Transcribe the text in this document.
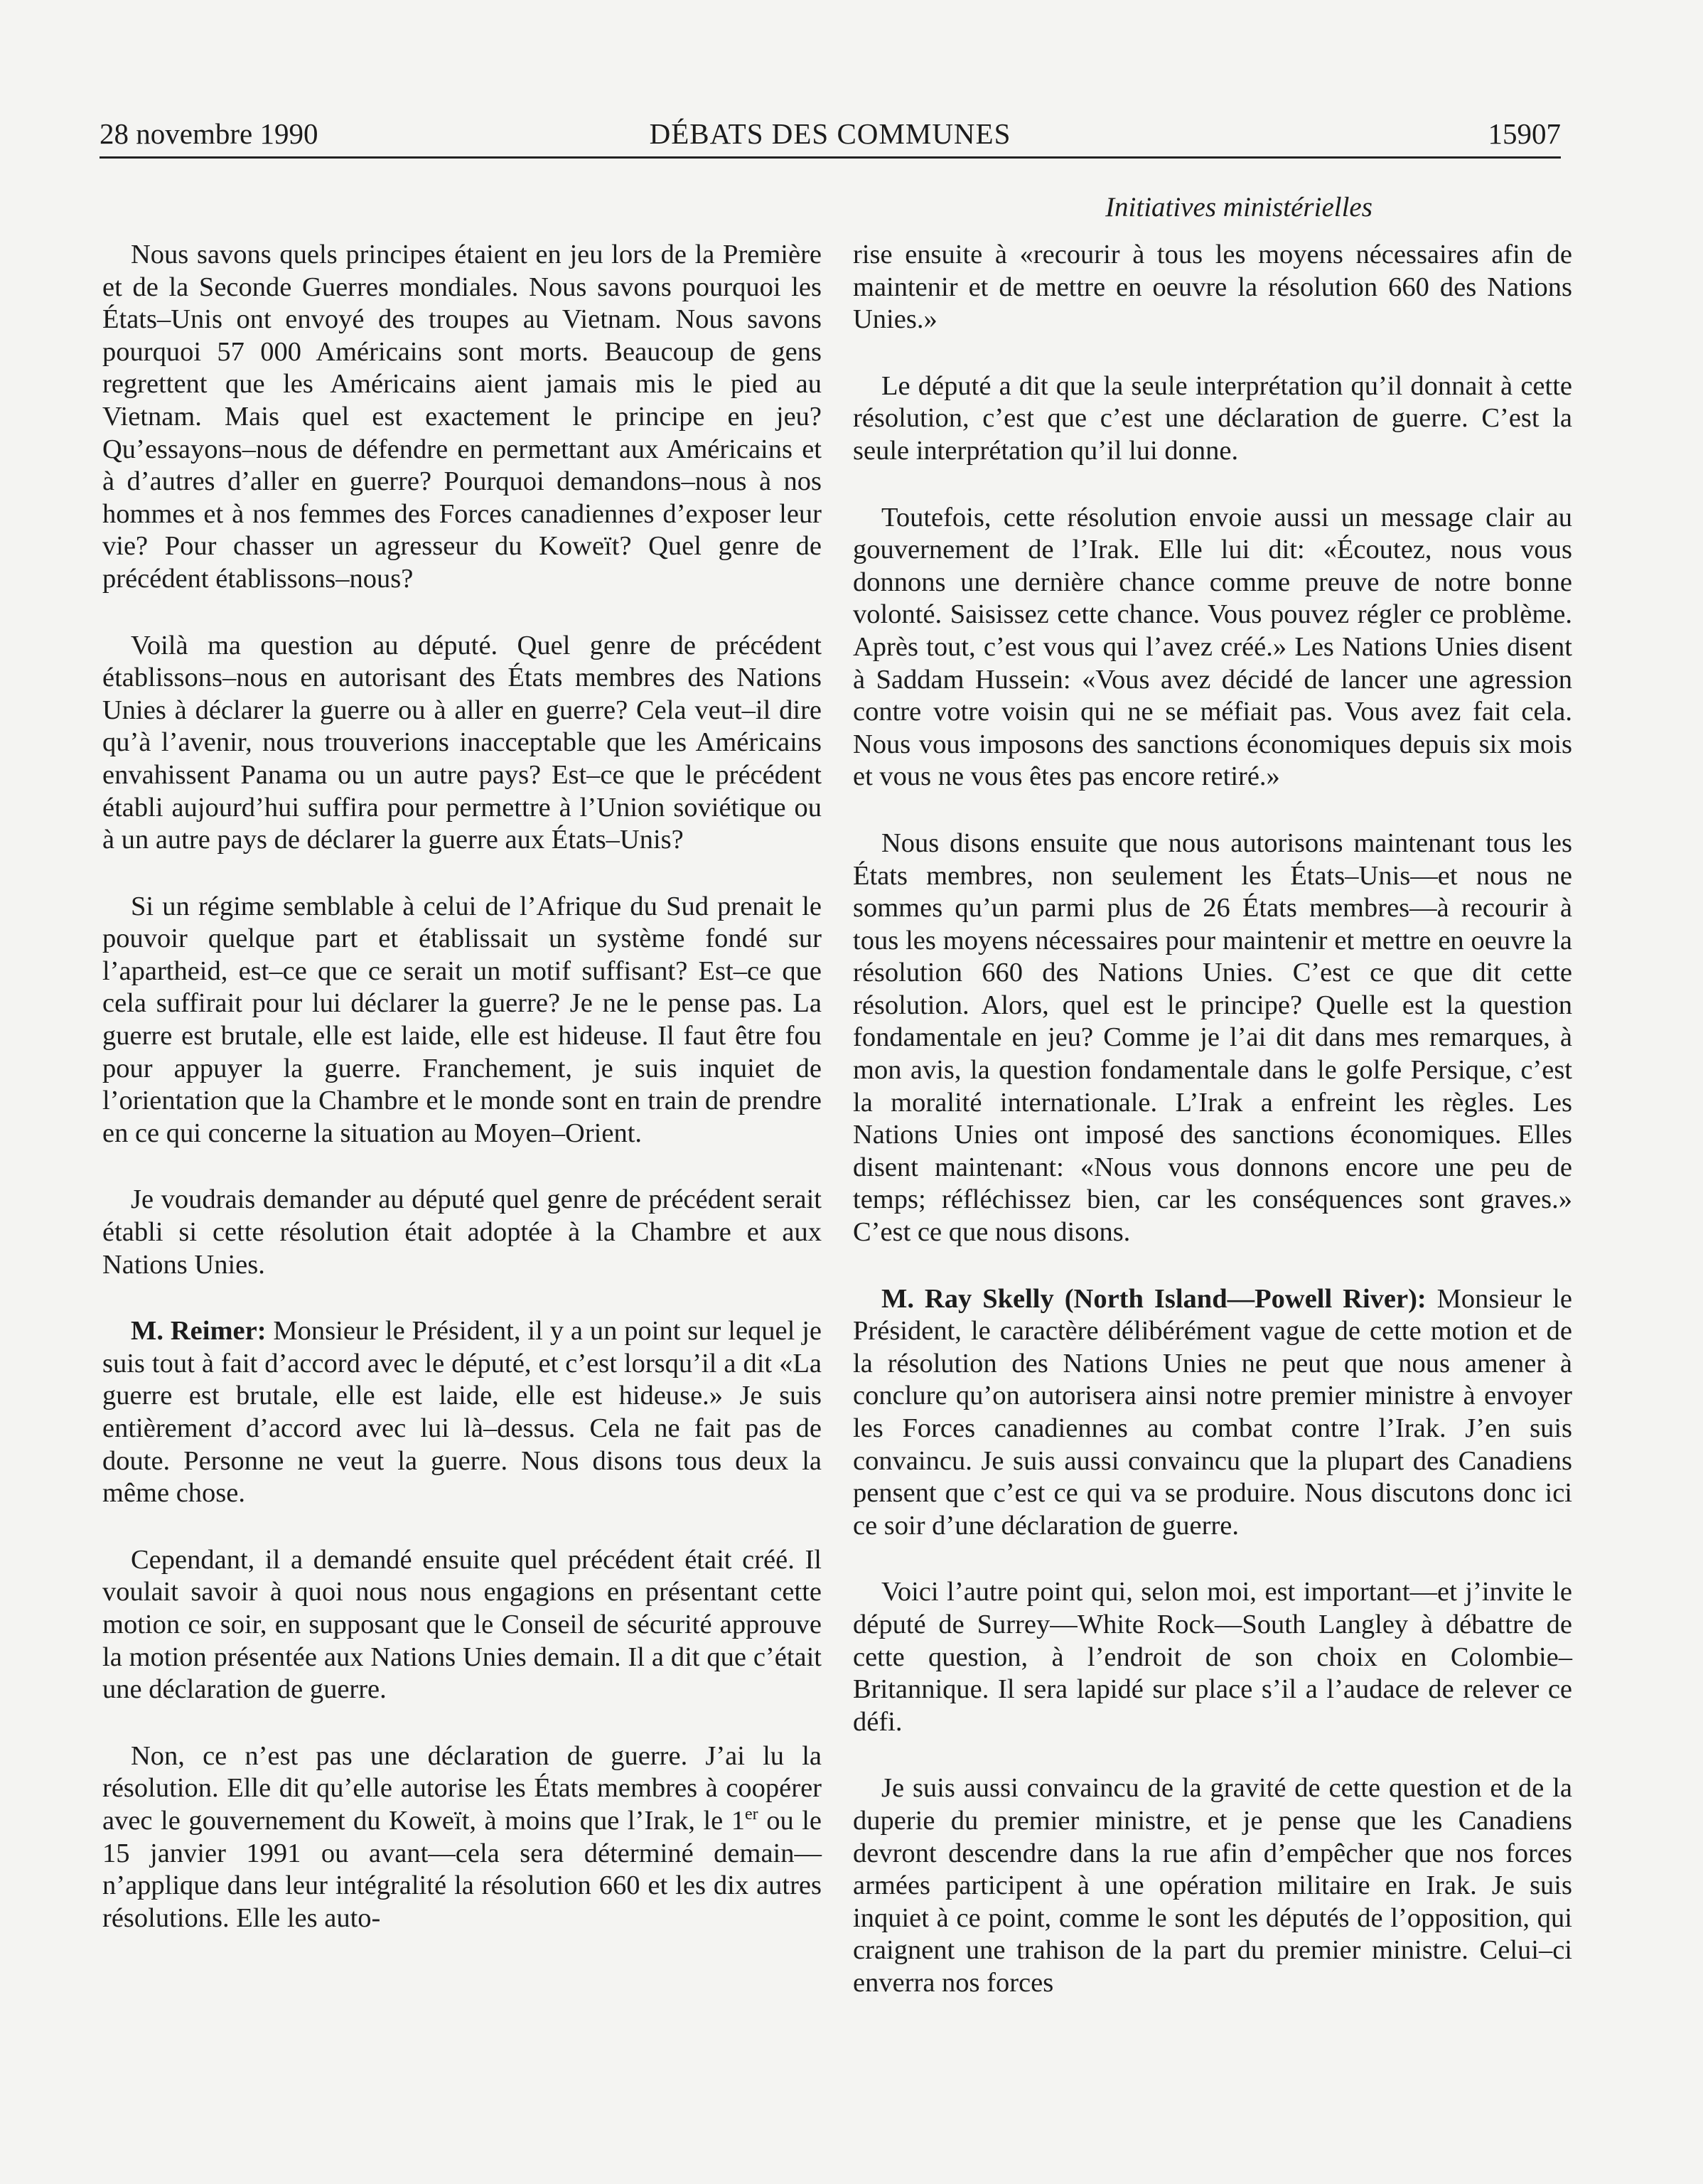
28 novembre 1990	DÉBATS DES COMMUNES	15907
Initiatives ministérielles

Nous savons quels principes étaient en jeu lors de la Première et de la Seconde Guerres mondiales. Nous savons pourquoi les États–Unis ont envoyé des troupes au Vietnam. Nous savons pourquoi 57 000 Américains sont morts. Beaucoup de gens regrettent que les Américains aient jamais mis le pied au Vietnam. Mais quel est exactement le principe en jeu? Qu’essayons–nous de défendre en permettant aux Américains et à d’autres d’aller en guerre? Pourquoi demandons–nous à nos hommes et à nos femmes des Forces canadiennes d’exposer leur vie? Pour chasser un agresseur du Koweït? Quel genre de précédent établissons–nous?

Voilà ma question au député. Quel genre de précédent établissons–nous en autorisant des États membres des Nations Unies à déclarer la guerre ou à aller en guerre? Cela veut–il dire qu’à l’avenir, nous trouverions inacceptable que les Américains envahissent Panama ou un autre pays? Est–ce que le précédent établi aujourd’hui suffira pour permettre à l’Union soviétique ou à un autre pays de déclarer la guerre aux États–Unis?

Si un régime semblable à celui de l’Afrique du Sud prenait le pouvoir quelque part et établissait un système fondé sur l’apartheid, est–ce que ce serait un motif suffisant? Est–ce que cela suffirait pour lui déclarer la guerre? Je ne le pense pas. La guerre est brutale, elle est laide, elle est hideuse. Il faut être fou pour appuyer la guerre. Franchement, je suis inquiet de l’orientation que la Chambre et le monde sont en train de prendre en ce qui concerne la situation au Moyen–Orient.

Je voudrais demander au député quel genre de précédent serait établi si cette résolution était adoptée à la Chambre et aux Nations Unies.

M. Reimer: Monsieur le Président, il y a un point sur lequel je suis tout à fait d’accord avec le député, et c’est lorsqu’il a dit «La guerre est brutale, elle est laide, elle est hideuse.» Je suis entièrement d’accord avec lui là–dessus. Cela ne fait pas de doute. Personne ne veut la guerre. Nous disons tous deux la même chose.

Cependant, il a demandé ensuite quel précédent était créé. Il voulait savoir à quoi nous nous engagions en présentant cette motion ce soir, en supposant que le Conseil de sécurité approuve la motion présentée aux Nations Unies demain. Il a dit que c’était une déclaration de guerre.

Non, ce n’est pas une déclaration de guerre. J’ai lu la résolution. Elle dit qu’elle autorise les États membres à coopérer avec le gouvernement du Koweït, à moins que l’Irak, le 1er ou le 15 janvier 1991 ou avant—cela sera déterminé demain—n’applique dans leur intégralité la résolution 660 et les dix autres résolutions. Elle les auto-

rise ensuite à «recourir à tous les moyens nécessaires afin de maintenir et de mettre en oeuvre la résolution 660 des Nations Unies.»

Le député a dit que la seule interprétation qu’il donnait à cette résolution, c’est que c’est une déclaration de guerre. C’est la seule interprétation qu’il lui donne.

Toutefois, cette résolution envoie aussi un message clair au gouvernement de l’Irak. Elle lui dit: «Écoutez, nous vous donnons une dernière chance comme preuve de notre bonne volonté. Saisissez cette chance. Vous pouvez régler ce problème. Après tout, c’est vous qui l’avez créé.» Les Nations Unies disent à Saddam Hussein: «Vous avez décidé de lancer une agression contre votre voisin qui ne se méfiait pas. Vous avez fait cela. Nous vous imposons des sanctions économiques depuis six mois et vous ne vous êtes pas encore retiré.»

Nous disons ensuite que nous autorisons maintenant tous les États membres, non seulement les États–Unis—et nous ne sommes qu’un parmi plus de 26 États membres—à recourir à tous les moyens nécessaires pour maintenir et mettre en oeuvre la résolution 660 des Nations Unies. C’est ce que dit cette résolution. Alors, quel est le principe? Quelle est la question fondamentale en jeu? Comme je l’ai dit dans mes remarques, à mon avis, la question fondamentale dans le golfe Persique, c’est la moralité internationale. L’Irak a enfreint les règles. Les Nations Unies ont imposé des sanctions économiques. Elles disent maintenant: «Nous vous donnons encore une peu de temps; réfléchissez bien, car les conséquences sont graves.» C’est ce que nous disons.

M. Ray Skelly (North Island—Powell River): Monsieur le Président, le caractère délibérément vague de cette motion et de la résolution des Nations Unies ne peut que nous amener à conclure qu’on autorisera ainsi notre premier ministre à envoyer les Forces canadiennes au combat contre l’Irak. J’en suis convaincu. Je suis aussi convaincu que la plupart des Canadiens pensent que c’est ce qui va se produire. Nous discutons donc ici ce soir d’une déclaration de guerre.

Voici l’autre point qui, selon moi, est important—et j’invite le député de Surrey—White Rock—South Langley à débattre de cette question, à l’endroit de son choix en Colombie–Britannique. Il sera lapidé sur place s’il a l’audace de relever ce défi.

Je suis aussi convaincu de la gravité de cette question et de la duperie du premier ministre, et je pense que les Canadiens devront descendre dans la rue afin d’empêcher que nos forces armées participent à une opération militaire en Irak. Je suis inquiet à ce point, comme le sont les députés de l’opposition, qui craignent une trahison de la part du premier ministre. Celui–ci enverra nos forces
